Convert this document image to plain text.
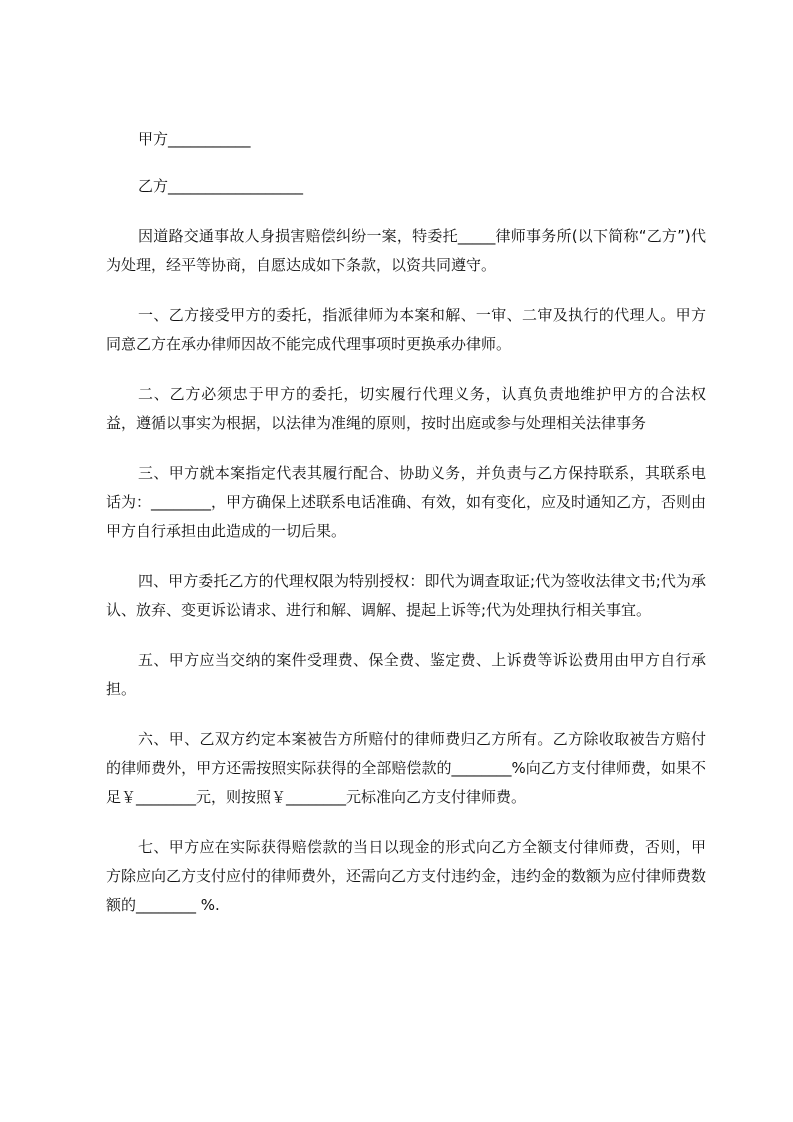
甲方___________

乙方__________________

因道路交通事故人身损害赔偿纠纷一案，特委托_____律师事务所(以下简称“乙方”)代为处理，经平等协商，自愿达成如下条款，以资共同遵守。

一、乙方接受甲方的委托，指派律师为本案和解、一审、二审及执行的代理人。甲方同意乙方在承办律师因故不能完成代理事项时更换承办律师。

二、乙方必须忠于甲方的委托，切实履行代理义务，认真负责地维护甲方的合法权益，遵循以事实为根据，以法律为准绳的原则，按时出庭或参与处理相关法律事务

三、甲方就本案指定代表其履行配合、协助义务，并负责与乙方保持联系，其联系电话为：________，甲方确保上述联系电话准确、有效，如有变化，应及时通知乙方，否则由甲方自行承担由此造成的一切后果。

四、甲方委托乙方的代理权限为特别授权：即代为调查取证;代为签收法律文书;代为承认、放弃、变更诉讼请求、进行和解、调解、提起上诉等;代为处理执行相关事宜。

五、甲方应当交纳的案件受理费、保全费、鉴定费、上诉费等诉讼费用由甲方自行承担。

六、甲、乙双方约定本案被告方所赔付的律师费归乙方所有。乙方除收取被告方赔付的律师费外，甲方还需按照实际获得的全部赔偿款的________%向乙方支付律师费，如果不足￥________元，则按照￥________元标准向乙方支付律师费。

七、甲方应在实际获得赔偿款的当日以现金的形式向乙方全额支付律师费，否则，甲方除应向乙方支付应付的律师费外，还需向乙方支付违约金，违约金的数额为应付律师费数额的________ %.
